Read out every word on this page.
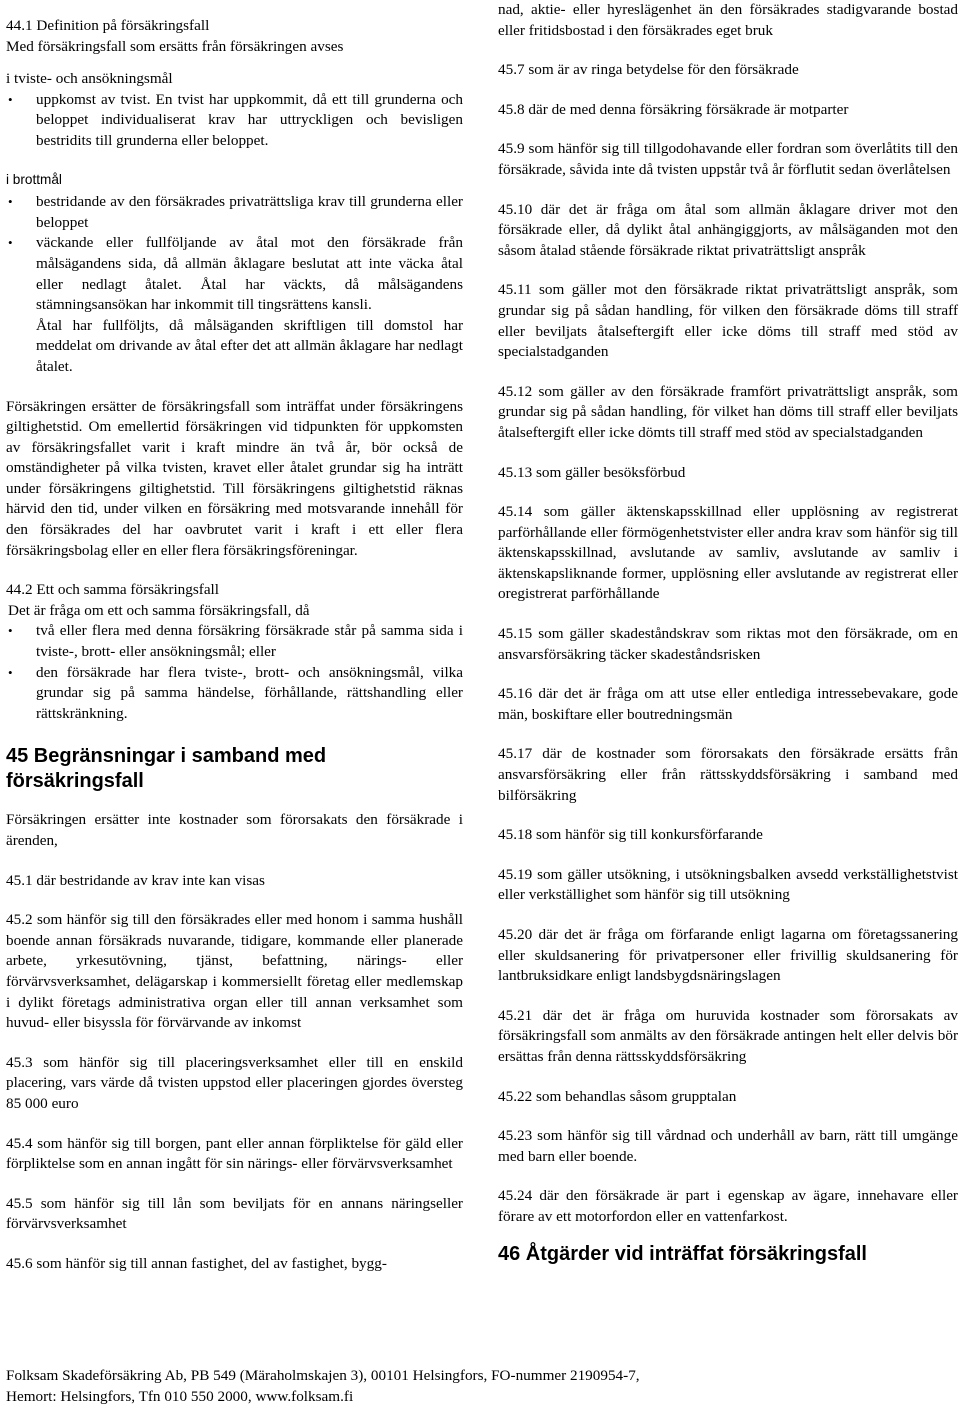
44.1 Definition på försäkringsfall

Med försäkringsfall som ersätts från försäkringen avses

i tviste- och ansökningsmål

• uppkomst av tvist. En tvist har uppkommit, då ett till grunderna och beloppet individualiserat krav har uttryckligen och bevisligen bestridits till grunderna eller beloppet.

i brottmål

• bestridande av den försäkrades privaträttsliga krav till grunderna eller beloppet
• väckande eller fullföljande av åtal mot den försäkrade från målsägandens sida, då allmän åklagare beslutat att inte väcka åtal eller nedlagt åtalet. Åtal har väckts, då målsägandens stämningsansökan har inkommit till tingsrättens kansli.

Åtal har fullföljts, då målsäganden skriftligen till domstol har meddelat om drivande av åtal efter det att allmän åklagare har nedlagt åtalet.

Försäkringen ersätter de försäkringsfall som inträffat under försäkringens giltighetstid. Om emellertid försäkringen vid tidpunkten för uppkomsten av försäkringsfallet varit i kraft mindre än två år, bör också de omständigheter på vilka tvisten, kravet eller åtalet grundar sig ha inträtt under försäkringens giltighetstid. Till försäkringens giltighetstid räknas härvid den tid, under vilken en försäkring med motsvarande innehåll för den försäkrades del har oavbrutet varit i kraft i ett eller flera försäkringsbolag eller en eller flera försäkringsföreningar.

44.2 Ett och samma försäkringsfall

Det är fråga om ett och samma försäkringsfall, då

• två eller flera med denna försäkring försäkrade står på samma sida i tviste-, brott- eller ansökningsmål; eller
• den försäkrade har flera tviste-, brott- och ansökningsmål, vilka grundar sig på samma händelse, förhållande, rättshandling eller rättskränkning.
45 Begränsningar i samband med försäkringsfall

Försäkringen ersätter inte kostnader som förorsakats den försäkrade i ärenden,

45.1 där bestridande av krav inte kan visas

45.2 som hänför sig till den försäkrades eller med honom i samma hushåll boende annan försäkrads nuvarande, tidigare, kommande eller planerade arbete, yrkesutövning, tjänst, befattning, närings- eller förvärvsverksamhet, delägarskap i kommersiellt företag eller medlemskap i dylikt företags administrativa organ eller till annan verksamhet som huvud- eller bisyssla för förvärvande av inkomst

45.3 som hänför sig till placeringsverksamhet eller till en enskild placering, vars värde då tvisten uppstod eller placeringen gjordes översteg 85 000 euro

45.4 som hänför sig till borgen, pant eller annan förpliktelse för gäld eller förpliktelse som en annan ingått för sin närings- eller förvärvsverksamhet

45.5 som hänför sig till lån som beviljats för en annans näringseller förvärvsverksamhet

45.6 som hänför sig till annan fastighet, del av fastighet, bygg-

nad, aktie- eller hyreslägenhet än den försäkrades stadigvarande bostad eller fritidsbostad i den försäkrades eget bruk

45.7 som är av ringa betydelse för den försäkrade

45.8 där de med denna försäkring försäkrade är motparter

45.9 som hänför sig till tillgodohavande eller fordran som överlåtits till den försäkrade, såvida inte då tvisten uppstår två år förflutit sedan överlåtelsen

45.10 där det är fråga om åtal som allmän åklagare driver mot den försäkrade eller, då dylikt åtal anhängiggjorts, av målsäganden mot den såsom åtalad stående försäkrade riktat privaträttsligt anspråk

45.11 som gäller mot den försäkrade riktat privaträttsligt anspråk, som grundar sig på sådan handling, för vilken den försäkrade döms till straff eller beviljats åtalseftergift eller icke döms till straff med stöd av specialstadganden

45.12 som gäller av den försäkrade framfört privaträttsligt anspråk, som grundar sig på sådan handling, för vilket han döms till straff eller beviljats åtalseftergift eller icke dömts till straff med stöd av specialstadganden

45.13 som gäller besöksförbud

45.14 som gäller äktenskapsskillnad eller upplösning av registrerat parförhållande eller förmögenhetstvister eller andra krav som hänför sig till äktenskapsskillnad, avslutande av samliv, avslutande av samliv i äktenskapsliknande former, upplösning eller avslutande av registrerat eller oregistrerat parförhållande

45.15 som gäller skadeståndskrav som riktas mot den försäkrade, om en ansvarsförsäkring täcker skadeståndsrisken

45.16 där det är fråga om att utse eller entlediga intressebevakare, gode män, boskiftare eller boutredningsmän

45.17 där de kostnader som förorsakats den försäkrade ersätts från ansvarsförsäkring eller från rättsskyddsförsäkring i samband med bilförsäkring

45.18 som hänför sig till konkursförfarande

45.19 som gäller utsökning, i utsökningsbalken avsedd verkställighetstvist eller verkställighet som hänför sig till utsökning

45.20 där det är fråga om förfarande enligt lagarna om företagssanering eller skuldsanering för privatpersoner eller frivillig skuldsanering för lantbruksidkare enligt landsbygdsnäringslagen

45.21 där det är fråga om huruvida kostnader som förorsakats av försäkringsfall som anmälts av den försäkrade antingen helt eller delvis bör ersättas från denna rättsskyddsförsäkring

45.22 som behandlas såsom grupptalan

45.23 som hänför sig till vårdnad och underhåll av barn, rätt till umgänge med barn eller boende.

45.24 där den försäkrade är part i egenskap av ägare, innehavare eller förare av ett motorfordon eller en vattenfarkost.

46 Åtgärder vid inträffat försäkringsfall
Folksam Skadeförsäkring Ab, PB 549 (Märaholmskajen 3), 00101 Helsingfors, FO-nummer 2190954-7,
Hemort: Helsingfors, Tfn 010 550 2000, www.folksam.fi
